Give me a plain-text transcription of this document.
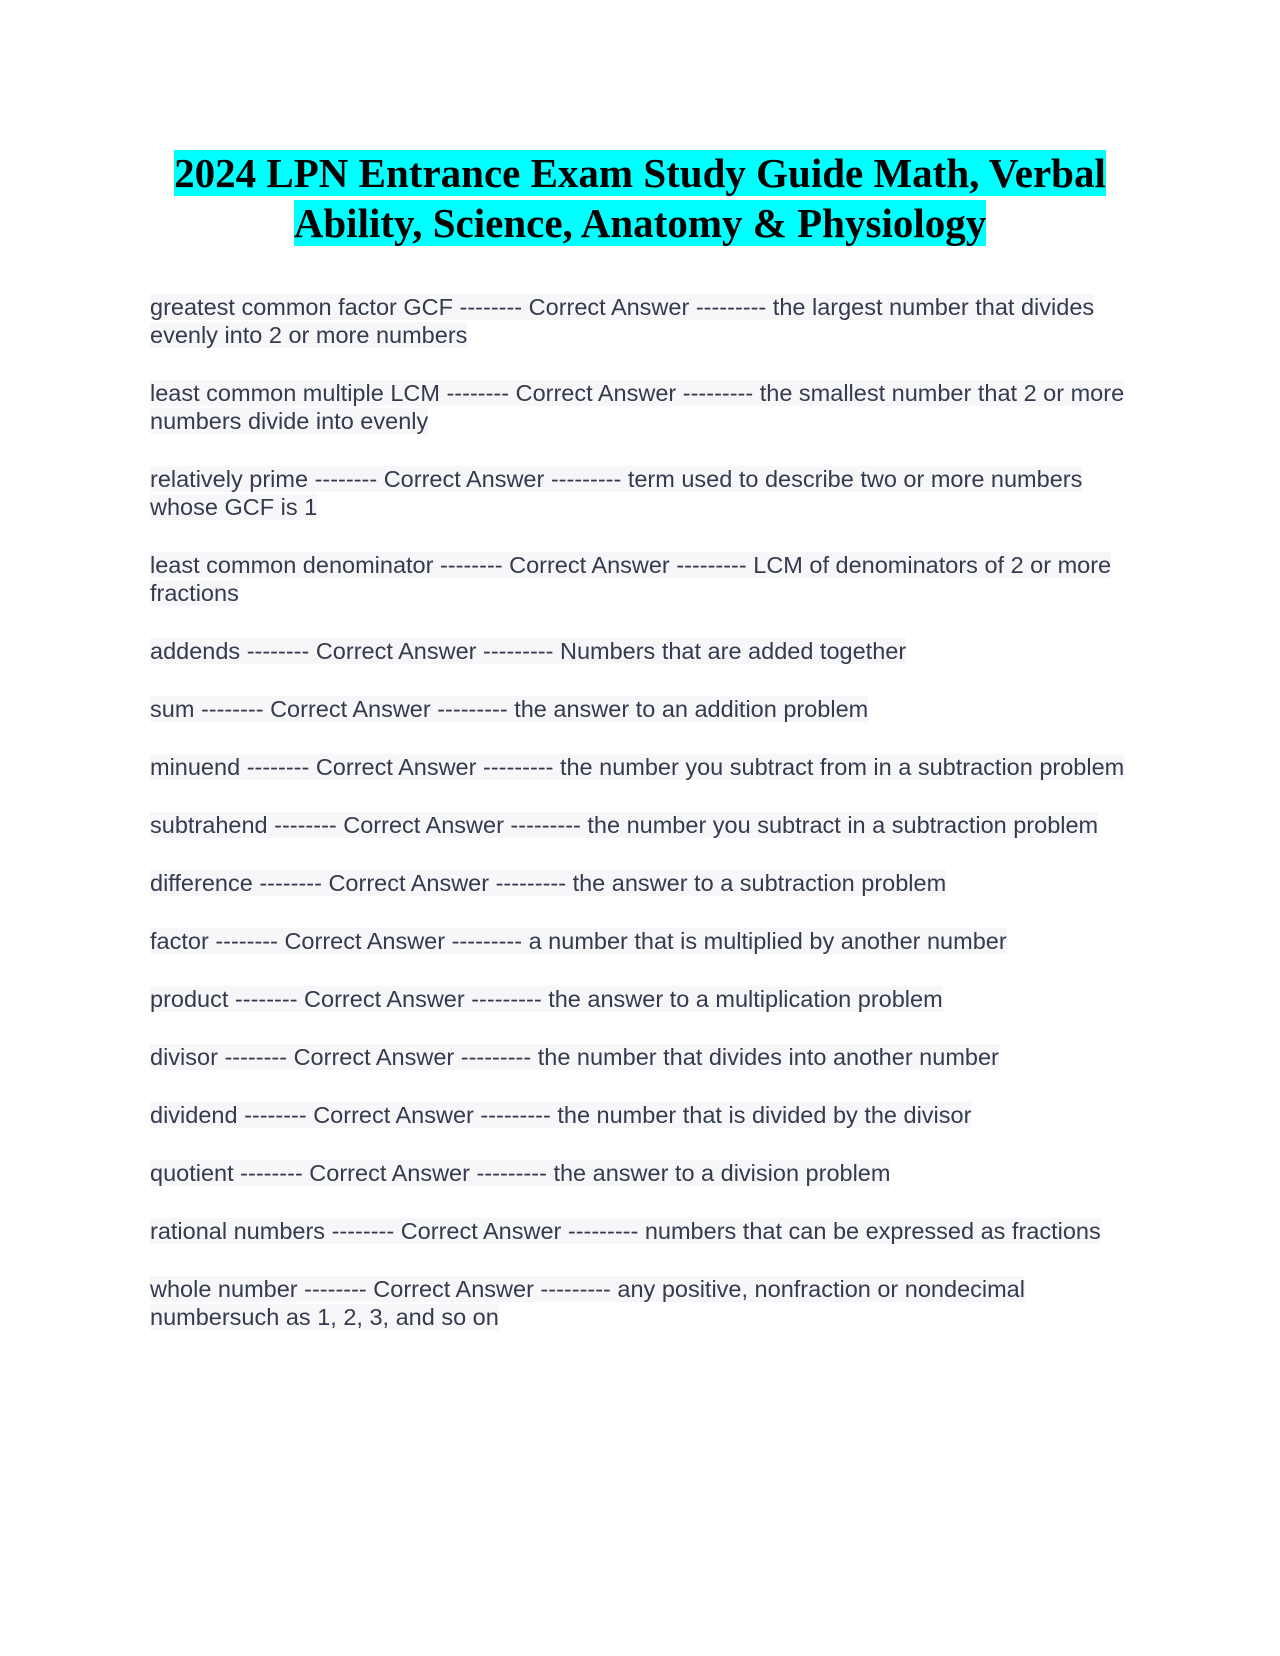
2024 LPN Entrance Exam Study Guide Math, Verbal Ability, Science, Anatomy & Physiology
greatest common factor GCF -------- Correct Answer --------- the largest number that divides evenly into 2 or more numbers
least common multiple LCM -------- Correct Answer --------- the smallest number that 2 or more numbers divide into evenly
relatively prime -------- Correct Answer --------- term used to describe two or more numbers whose GCF is 1
least common denominator -------- Correct Answer --------- LCM of denominators of 2 or more fractions
addends -------- Correct Answer --------- Numbers that are added together
sum -------- Correct Answer --------- the answer to an addition problem
minuend -------- Correct Answer --------- the number you subtract from in a subtraction problem
subtrahend -------- Correct Answer --------- the number you subtract in a subtraction problem
difference -------- Correct Answer --------- the answer to a subtraction problem
factor -------- Correct Answer --------- a number that is multiplied by another number
product -------- Correct Answer --------- the answer to a multiplication problem
divisor -------- Correct Answer --------- the number that divides into another number
dividend -------- Correct Answer --------- the number that is divided by the divisor
quotient -------- Correct Answer --------- the answer to a division problem
rational numbers -------- Correct Answer --------- numbers that can be expressed as fractions
whole number -------- Correct Answer --------- any positive, nonfraction or nondecimal numbersuch as 1, 2, 3, and so on
